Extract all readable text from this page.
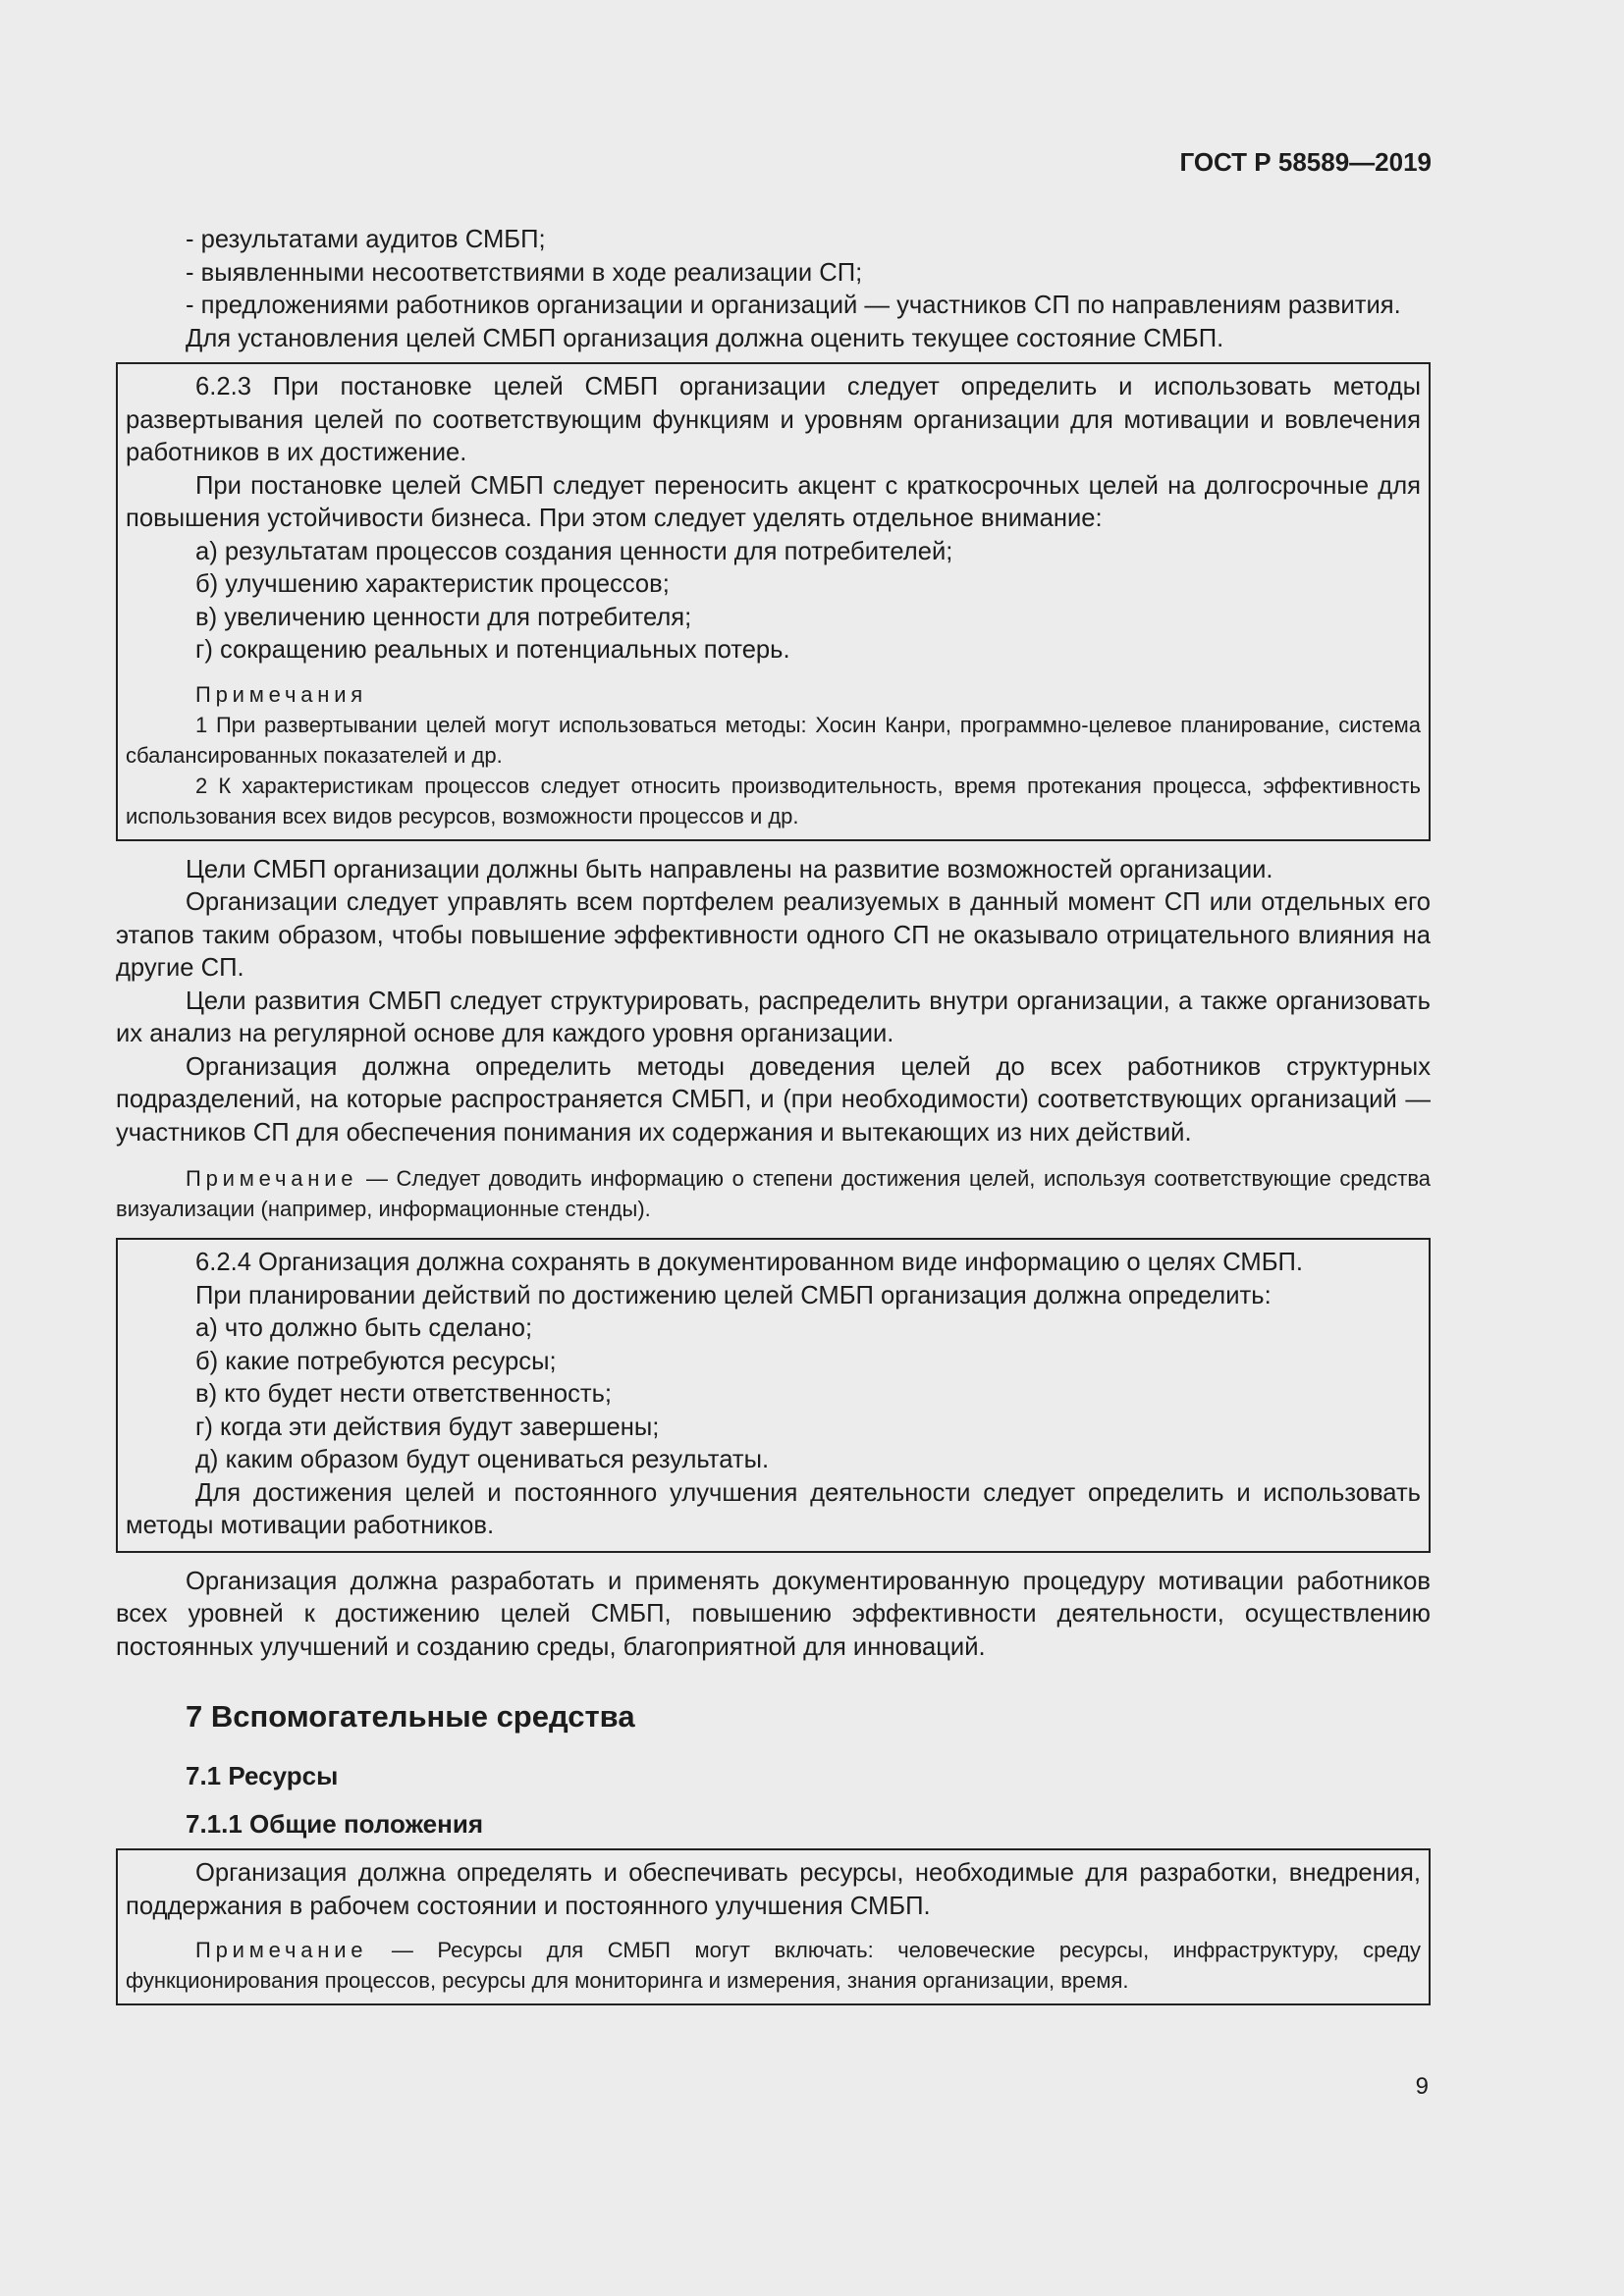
ГОСТ Р 58589—2019

- результатами аудитов СМБП;

- выявленными несоответствиями в ходе реализации СП;

- предложениями работников организации и организаций — участников СП по направлениям развития.

Для установления целей СМБП организация должна оценить текущее состояние СМБП.

6.2.3 При постановке целей СМБП организации следует определить и использовать методы развертывания целей по соответствующим функциям и уровням организации для мотивации и вовлечения работников в их достижение.

При постановке целей СМБП следует переносить акцент с краткосрочных целей на долгосрочные для повышения устойчивости бизнеса. При этом следует уделять отдельное внимание:

а) результатам процессов создания ценности для потребителей;

б) улучшению характеристик процессов;

в) увеличению ценности для потребителя;

г) сокращению реальных и потенциальных потерь.

Примечания

1 При развертывании целей могут использоваться методы: Хосин Канри, программно-целевое планирование, система сбалансированных показателей и др.

2 К характеристикам процессов следует относить производительность, время протекания процесса, эффективность использования всех видов ресурсов, возможности процессов и др.

Цели СМБП организации должны быть направлены на развитие возможностей организации.

Организации следует управлять всем портфелем реализуемых в данный момент СП или отдельных его этапов таким образом, чтобы повышение эффективности одного СП не оказывало отрицательного влияния на другие СП.

Цели развития СМБП следует структурировать, распределить внутри организации, а также организовать их анализ на регулярной основе для каждого уровня организации.

Организация должна определить методы доведения целей до всех работников структурных подразделений, на которые распространяется СМБП, и (при необходимости) соответствующих организаций — участников СП для обеспечения понимания их содержания и вытекающих из них действий.

Примечание — Следует доводить информацию о степени достижения целей, используя соответствующие средства визуализации (например, информационные стенды).

6.2.4 Организация должна сохранять в документированном виде информацию о целях СМБП.

При планировании действий по достижению целей СМБП организация должна определить:

а) что должно быть сделано;

б) какие потребуются ресурсы;

в) кто будет нести ответственность;

г) когда эти действия будут завершены;

д) каким образом будут оцениваться результаты.

Для достижения целей и постоянного улучшения деятельности следует определить и использовать методы мотивации работников.

Организация должна разработать и применять документированную процедуру мотивации работников всех уровней к достижению целей СМБП, повышению эффективности деятельности, осуществлению постоянных улучшений и созданию среды, благоприятной для инноваций.

7 Вспомогательные средства
7.1 Ресурсы
7.1.1 Общие положения

Организация должна определять и обеспечивать ресурсы, необходимые для разработки, внедрения, поддержания в рабочем состоянии и постоянного улучшения СМБП.

Примечание — Ресурсы для СМБП могут включать: человеческие ресурсы, инфраструктуру, среду функционирования процессов, ресурсы для мониторинга и измерения, знания организации, время.

9
